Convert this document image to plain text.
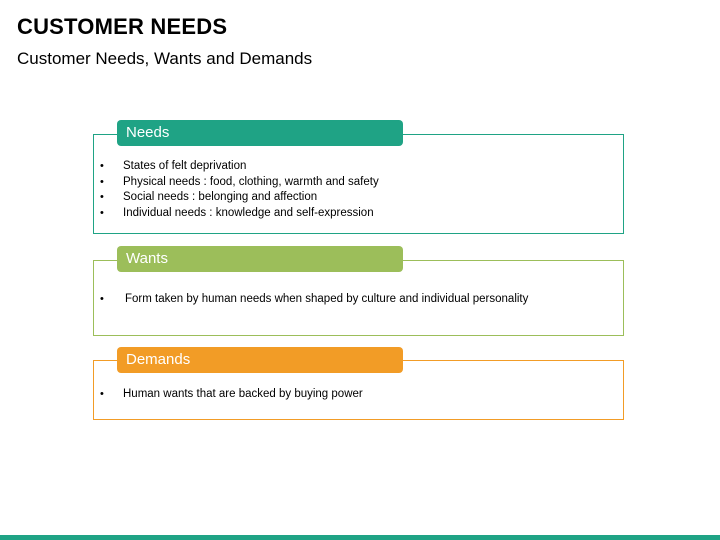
CUSTOMER NEEDS
Customer Needs, Wants and Demands
• States of felt deprivation
• Physical needs : food, clothing, warmth and safety
• Social needs : belonging and affection
• Individual needs : knowledge and self-expression
Needs
• Form taken by human needs when shaped by culture and individual personality
Wants
• Human wants that are backed by buying power
Demands
